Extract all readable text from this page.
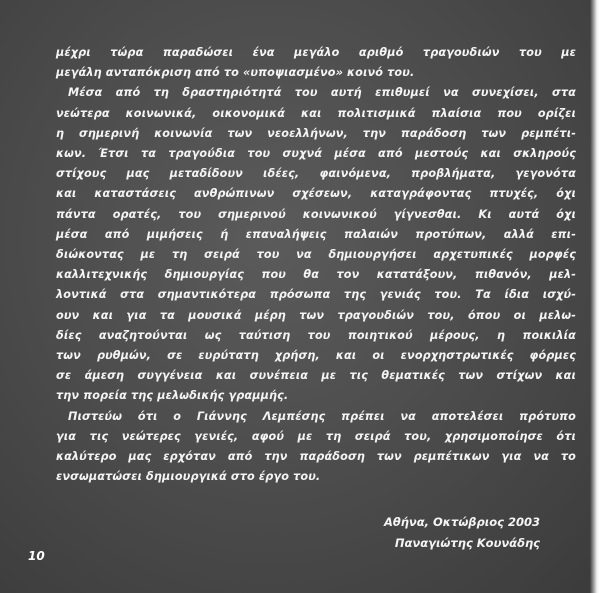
μέχρι τώρα παραδώσει ένα μεγάλο αριθμό τραγουδιών του με
μεγάλη ανταπόκριση από το «υποψιασμένο» κοινό του.
Μέσα από τη δραστηριότητά του αυτή επιθυμεί να συνεχίσει, στα
νεώτερα κοινωνικά, οικονομικά και πολιτισμικά πλαίσια που ορίζει
η σημερινή κοινωνία των νεοελλήνων, την παράδοση των ρεμπέτι-
κων. Έτσι τα τραγούδια του συχνά μέσα από μεστούς και σκληρούς
στίχους μας μεταδίδουν ιδέες, φαινόμενα, προβλήματα, γεγονότα
και καταστάσεις ανθρώπινων σχέσεων, καταγράφοντας πτυχές, όχι
πάντα ορατές, του σημερινού κοινωνικού γίγνεσθαι. Κι αυτά όχι
μέσα από μιμήσεις ή επαναλήψεις παλαιών προτύπων, αλλά επι-
διώκοντας με τη σειρά του να δημιουργήσει αρχετυπικές μορφές
καλλιτεχνικής δημιουργίας που θα τον κατατάξουν, πιθανόν, μελ-
λοντικά στα σημαντικότερα πρόσωπα της γενιάς του. Τα ίδια ισχύ-
ουν και για τα μουσικά μέρη των τραγουδιών του, όπου οι μελω-
δίες αναζητούνται ως ταύτιση του ποιητικού μέρους, η ποικιλία
των ρυθμών, σε ευρύτατη χρήση, και οι ενορχηστρωτικές φόρμες
σε άμεση συγγένεια και συνέπεια με τις θεματικές των στίχων και
την πορεία της μελωδικής γραμμής.
Πιστεύω ότι ο Γιάννης Λεμπέσης πρέπει να αποτελέσει πρότυπο
για τις νεώτερες γενιές, αφού με τη σειρά του, χρησιμοποίησε ότι
καλύτερο μας ερχόταν από την παράδοση των ρεμπέτικων για να το
ενσωματώσει δημιουργικά στο έργο του.
Αθήνα, Οκτώβριος 2003
Παναγιώτης Κουνάδης
10
